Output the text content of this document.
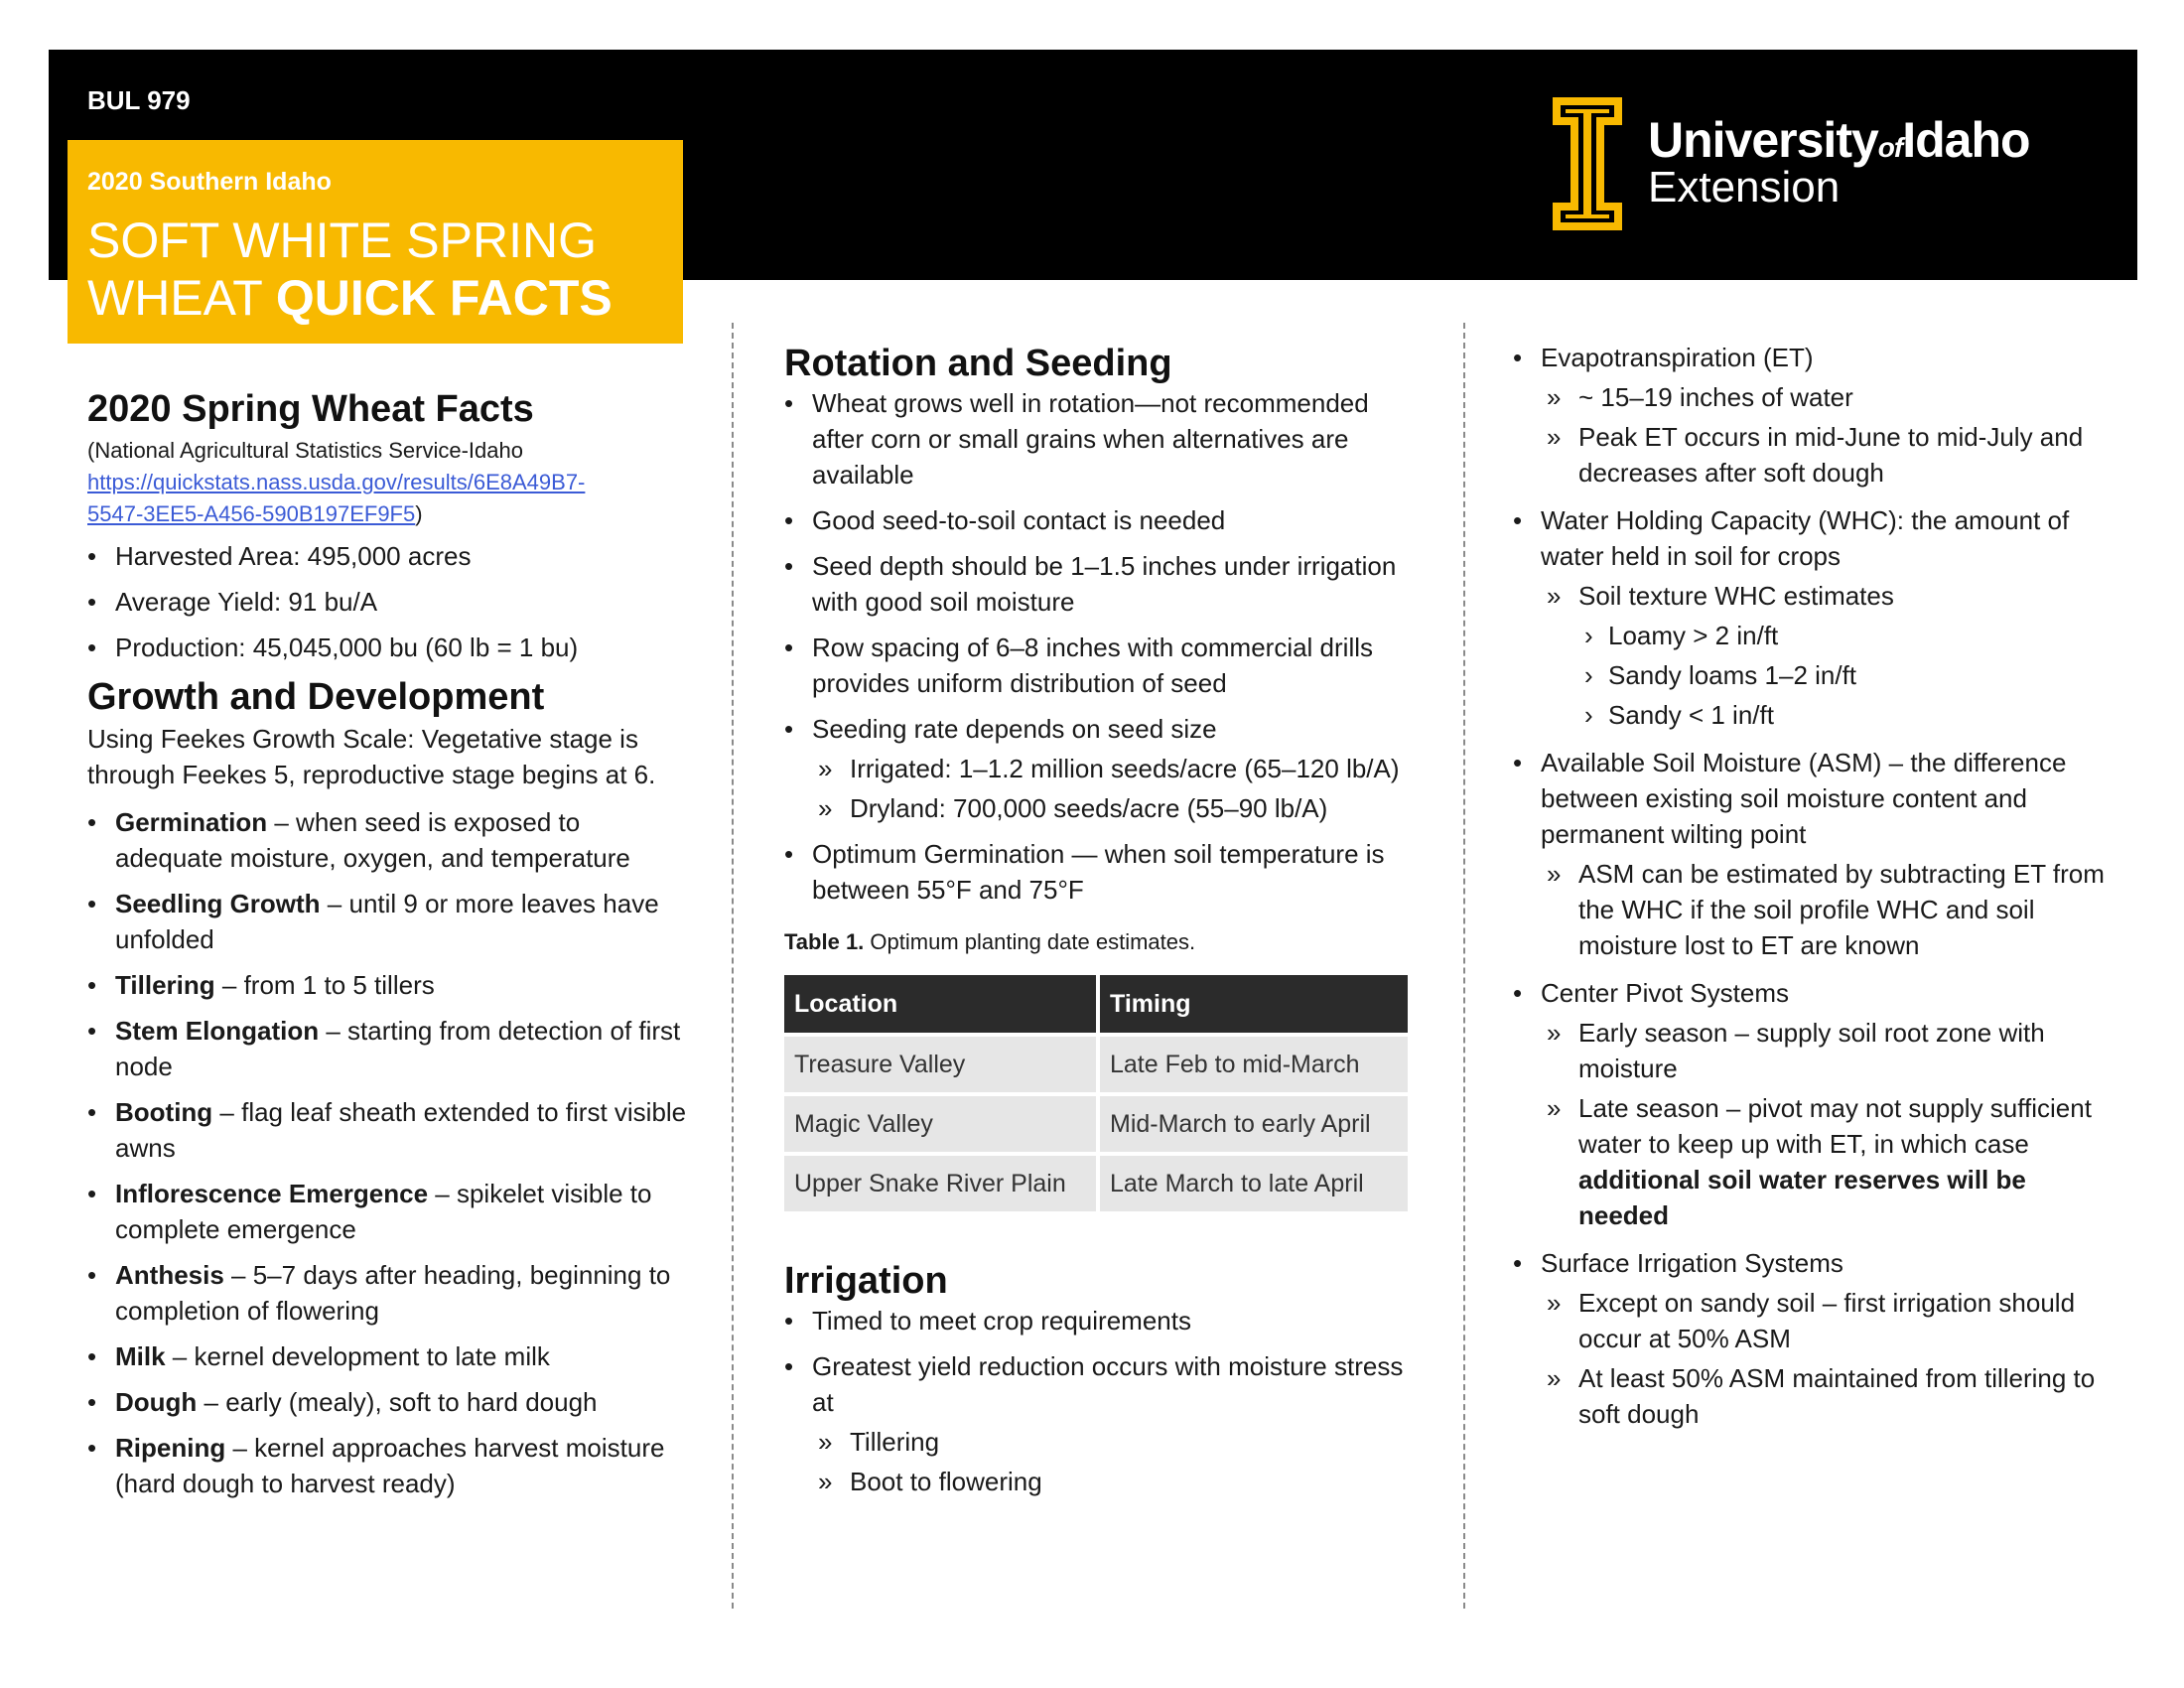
BUL 979
2020 Southern Idaho
SOFT WHITE SPRING
WHEAT QUICK FACTS
UniversityofIdaho
Extension
2020 Spring Wheat Facts
(National Agricultural Statistics Service-Idaho
https://quickstats.nass.usda.gov/results/6E8A49B7-
5547-3EE5-A456-590B197EF9F5)
• Harvested Area: 495,000 acres
• Average Yield: 91 bu/A
• Production: 45,045,000 bu (60 lb = 1 bu)
Growth and Development

Using Feekes Growth Scale: Vegetative stage is through Feekes 5, reproductive stage begins at 6.

• Germination – when seed is exposed to adequate moisture, oxygen, and temperature
• Seedling Growth – until 9 or more leaves have unfolded
• Tillering – from 1 to 5 tillers
• Stem Elongation – starting from detection of first node
• Booting – flag leaf sheath extended to first visible awns
• Inflorescence Emergence – spikelet visible to complete emergence
• Anthesis – 5–7 days after heading, beginning to completion of flowering
• Milk – kernel development to late milk
• Dough – early (mealy), soft to hard dough
• Ripening – kernel approaches harvest moisture (hard dough to harvest ready)
Rotation and Seeding
• Wheat grows well in rotation—not recommended after corn or small grains when alternatives are available
• Good seed-to-soil contact is needed
• Seed depth should be 1–1.5 inches under irrigation with good soil moisture
• Row spacing of 6–8 inches with commercial drills provides uniform distribution of seed
• Seeding rate depends on seed size
» Irrigated: 1–1.2 million seeds/acre (65–120 lb/A)
» Dryland: 700,000 seeds/acre (55–90 lb/A)
• Optimum Germination — when soil temperature is between 55°F and 75°F
Table 1. Optimum planting date estimates.
Location	Timing
Treasure Valley	Late Feb to mid-March
Magic Valley	Mid-March to early April
Upper Snake River Plain	Late March to late April
Irrigation
• Timed to meet crop requirements
• Greatest yield reduction occurs with moisture stress at
» Tillering
» Boot to flowering
• Evapotranspiration (ET)
» ~ 15–19 inches of water
» Peak ET occurs in mid-June to mid-July and decreases after soft dough
• Water Holding Capacity (WHC): the amount of water held in soil for crops
» Soil texture WHC estimates
› Loamy > 2 in/ft
› Sandy loams 1–2 in/ft
› Sandy < 1 in/ft
• Available Soil Moisture (ASM) – the difference between existing soil moisture content and permanent wilting point
» ASM can be estimated by subtracting ET from the WHC if the soil profile WHC and soil moisture lost to ET are known
• Center Pivot Systems
» Early season – supply soil root zone with moisture
» Late season – pivot may not supply sufficient water to keep up with ET, in which case additional soil water reserves will be needed
• Surface Irrigation Systems
» Except on sandy soil – first irrigation should occur at 50% ASM
» At least 50% ASM maintained from tillering to soft dough
